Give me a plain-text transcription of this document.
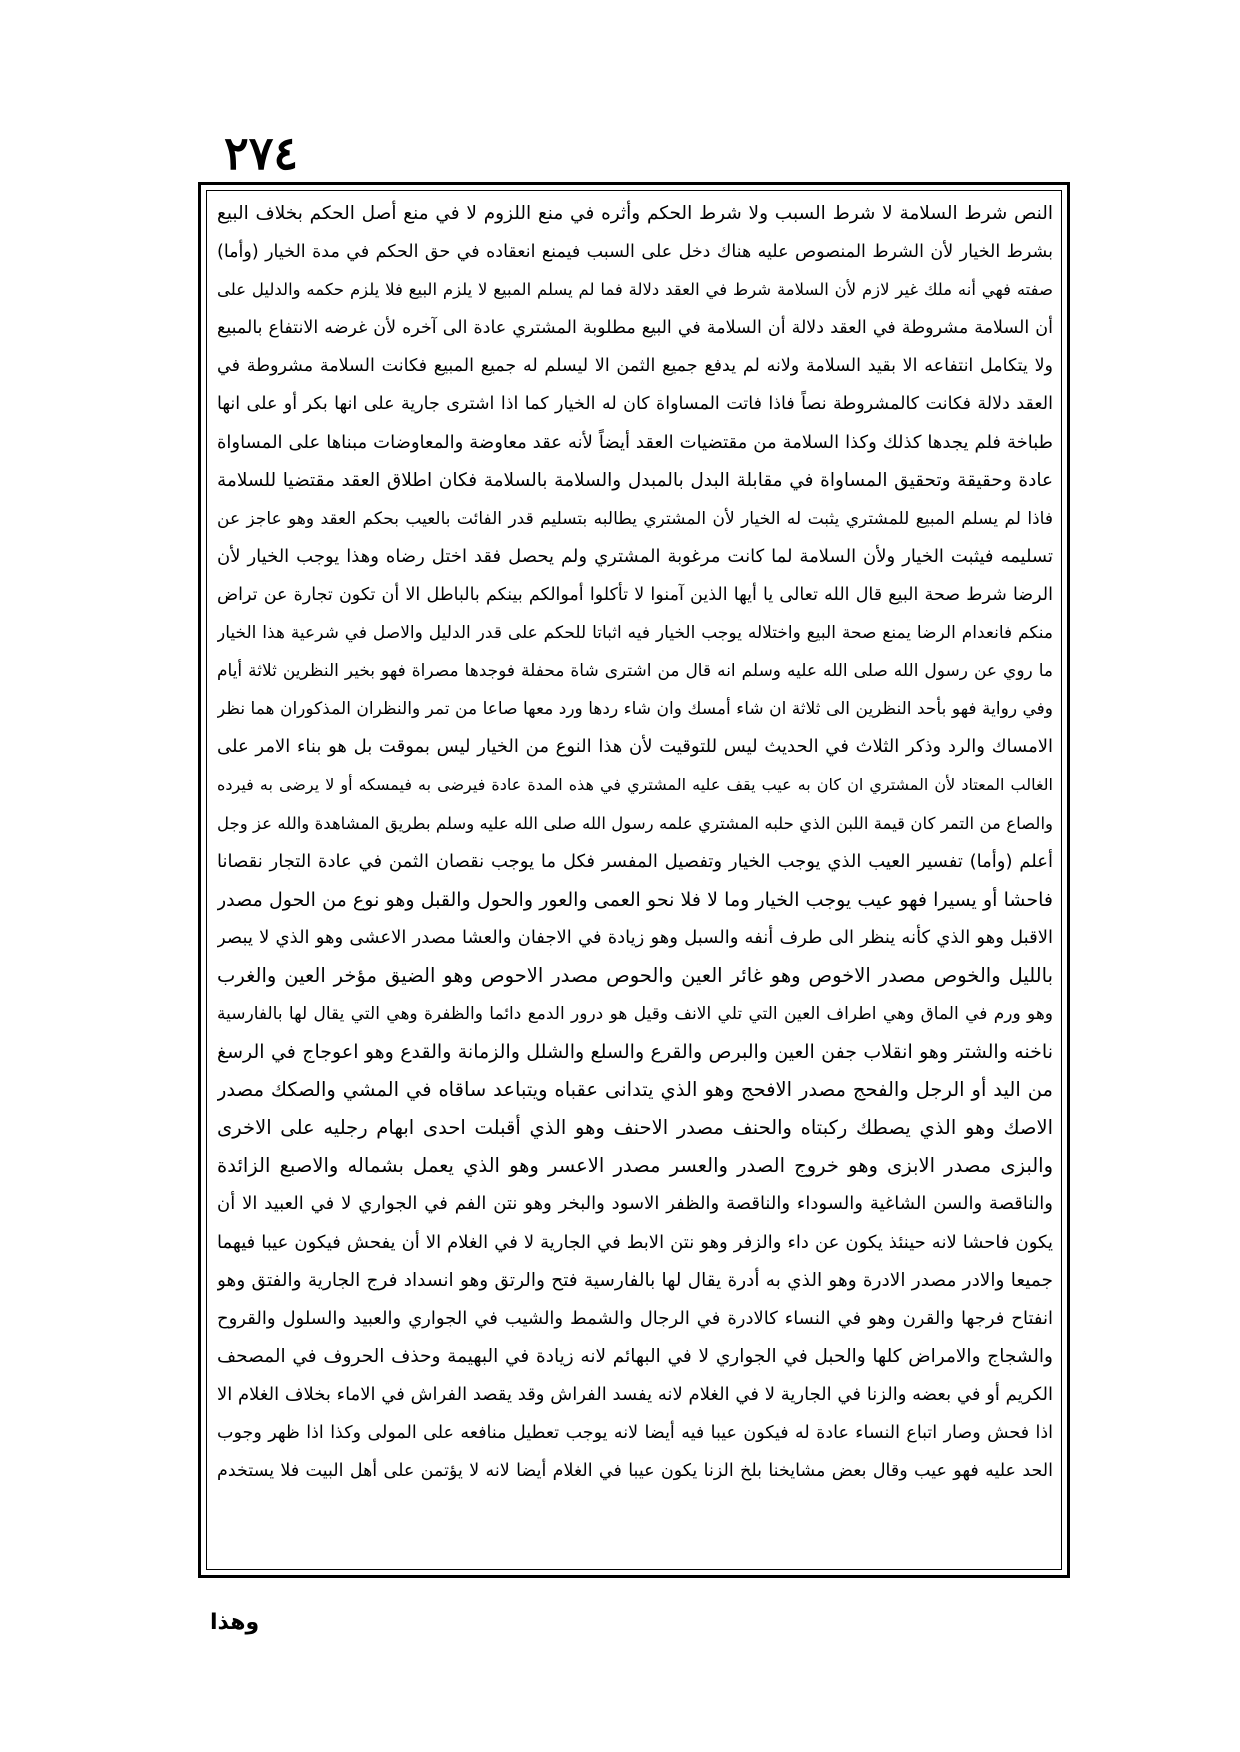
٢٧٤
النص شرط السلامة لا شرط السبب ولا شرط الحكم وأثره في منع اللزوم لا في منع أصل الحكم بخلاف البيع
بشرط الخيار لأن الشرط المنصوص عليه هناك دخل على السبب فيمنع انعقاده في حق الحكم في مدة الخيار (وأما)
صفته فهي أنه ملك غير لازم لأن السلامة شرط في العقد دلالة فما لم يسلم المبيع لا يلزم البيع فلا يلزم حكمه والدليل على
أن السلامة مشروطة في العقد دلالة أن السلامة في البيع مطلوبة المشتري عادة الى آخره لأن غرضه الانتفاع بالمبيع
ولا يتكامل انتفاعه الا بقيد السلامة ولانه لم يدفع جميع الثمن الا ليسلم له جميع المبيع فكانت السلامة مشروطة في
العقد دلالة فكانت كالمشروطة نصاً فاذا فاتت المساواة كان له الخيار كما اذا اشترى جارية على انها بكر أو على انها
طباخة فلم يجدها كذلك وكذا السلامة من مقتضيات العقد أيضاً لأنه عقد معاوضة والمعاوضات مبناها على المساواة
عادة وحقيقة وتحقيق المساواة في مقابلة البدل بالمبدل والسلامة بالسلامة فكان اطلاق العقد مقتضيا للسلامة
فاذا لم يسلم المبيع للمشتري يثبت له الخيار لأن المشتري يطالبه بتسليم قدر الفائت بالعيب بحكم العقد وهو عاجز عن
تسليمه فيثبت الخيار ولأن السلامة لما كانت مرغوبة المشتري ولم يحصل فقد اختل رضاه وهذا يوجب الخيار لأن
الرضا شرط صحة البيع قال الله تعالى يا أيها الذين آمنوا لا تأكلوا أموالكم بينكم بالباطل الا أن تكون تجارة عن تراض
منكم فانعدام الرضا يمنع صحة البيع واختلاله يوجب الخيار فيه اثباتا للحكم على قدر الدليل والاصل في شرعية هذا الخيار
ما روي عن رسول الله صلى الله عليه وسلم انه قال من اشترى شاة محفلة فوجدها مصراة فهو بخير النظرين ثلاثة أيام
وفي رواية فهو بأحد النظرين الى ثلاثة ان شاء أمسك وان شاء ردها ورد معها صاعا من تمر والنظران المذكوران هما نظر
الامساك والرد وذكر الثلاث في الحديث ليس للتوقيت لأن هذا النوع من الخيار ليس بموقت بل هو بناء الامر على
الغالب المعتاد لأن المشتري ان كان به عيب يقف عليه المشتري في هذه المدة عادة فيرضى به فيمسكه أو لا يرضى به فيرده
والصاع من التمر كان قيمة اللبن الذي حلبه المشتري علمه رسول الله صلى الله عليه وسلم بطريق المشاهدة والله عز وجل
أعلم (وأما) تفسير العيب الذي يوجب الخيار وتفصيل المفسر فكل ما يوجب نقصان الثمن في عادة التجار نقصانا
فاحشا أو يسيرا فهو عيب يوجب الخيار وما لا فلا نحو العمى والعور والحول والقبل وهو نوع من الحول مصدر
الاقبل وهو الذي كأنه ينظر الى طرف أنفه والسبل وهو زيادة في الاجفان والعشا مصدر الاعشى وهو الذي لا يبصر
بالليل والخوص مصدر الاخوص وهو غائر العين والحوص مصدر الاحوص وهو الضيق مؤخر العين والغرب
وهو ورم في الماق وهي اطراف العين التي تلي الانف وقيل هو درور الدمع دائما والظفرة وهي التي يقال لها بالفارسية
ناخنه والشتر وهو انقلاب جفن العين والبرص والقرع والسلع والشلل والزمانة والقدع وهو اعوجاج في الرسغ
من اليد أو الرجل والفحج مصدر الافحج وهو الذي يتدانى عقباه ويتباعد ساقاه في المشي والصكك مصدر
الاصك وهو الذي يصطك ركبتاه والحنف مصدر الاحنف وهو الذي أقبلت احدى ابهام رجليه على الاخرى
والبزى مصدر الابزى وهو خروج الصدر والعسر مصدر الاعسر وهو الذي يعمل بشماله والاصبع الزائدة
والناقصة والسن الشاغية والسوداء والناقصة والظفر الاسود والبخر وهو نتن الفم في الجواري لا في العبيد الا أن
يكون فاحشا لانه حينئذ يكون عن داء والزفر وهو نتن الابط في الجارية لا في الغلام الا أن يفحش فيكون عيبا فيهما
جميعا والادر مصدر الادرة وهو الذي به أدرة يقال لها بالفارسية فتح والرتق وهو انسداد فرج الجارية والفتق وهو
انفتاح فرجها والقرن وهو في النساء كالادرة في الرجال والشمط والشيب في الجواري والعبيد والسلول والقروح
والشجاج والامراض كلها والحبل في الجواري لا في البهائم لانه زيادة في البهيمة وحذف الحروف في المصحف
الكريم أو في بعضه والزنا في الجارية لا في الغلام لانه يفسد الفراش وقد يقصد الفراش في الاماء بخلاف الغلام الا
اذا فحش وصار اتباع النساء عادة له فيكون عيبا فيه أيضا لانه يوجب تعطيل منافعه على المولى وكذا اذا ظهر وجوب
الحد عليه فهو عيب وقال بعض مشايخنا بلخ الزنا يكون عيبا في الغلام أيضا لانه لا يؤتمن على أهل البيت فلا يستخدم
وهذا
